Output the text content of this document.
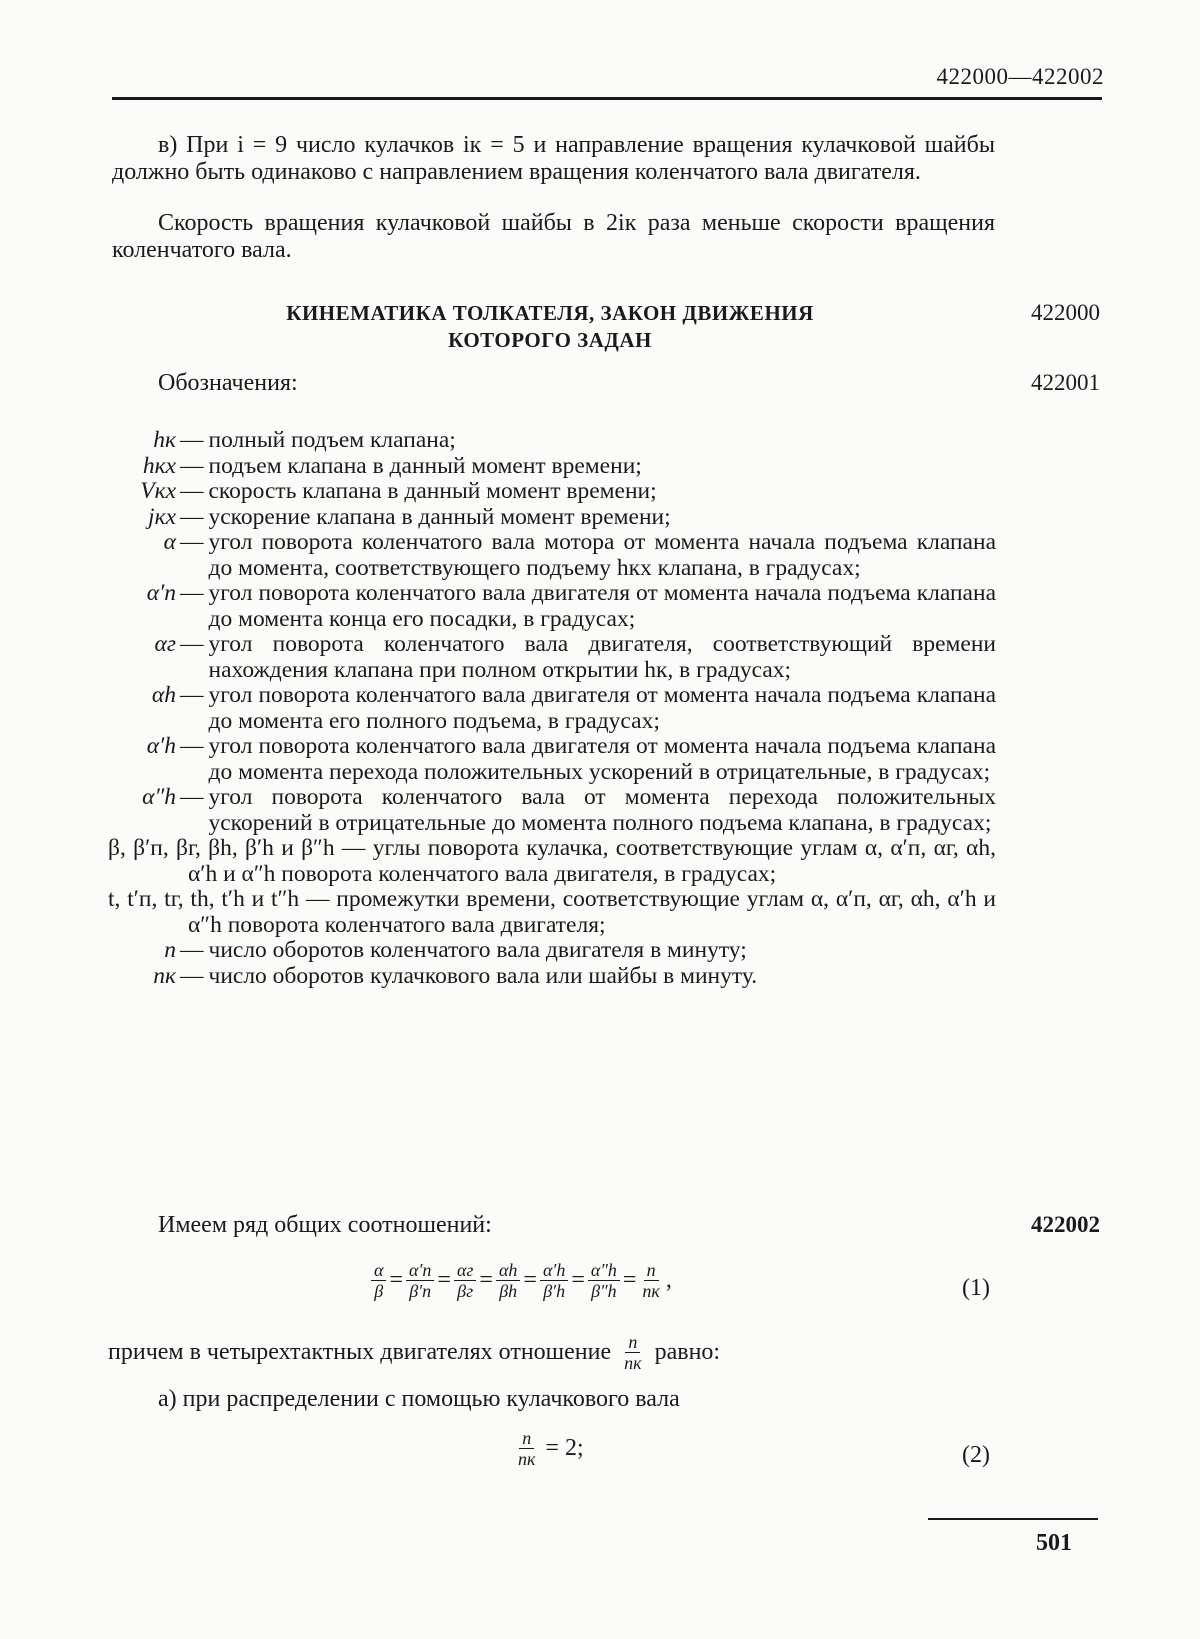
422000—422002
в) При i = 9 число кулачков iк = 5 и направление вращения кулачковой шайбы должно быть одинаково с направлением вращения коленчатого вала двигателя.
Скорость вращения кулачковой шайбы в 2iк раза меньше скорости вращения коленчатого вала.
КИНЕМАТИКА ТОЛКАТЕЛЯ, ЗАКОН ДВИЖЕНИЯ
КОТОРОГО ЗАДАН
422000
Обозначения:	422001
hк — полный подъем клапана;
hкx — подъем клапана в данный момент времени;
Vкx — скорость клапана в данный момент времени;
jкx — ускорение клапана в данный момент времени;
α — угол поворота коленчатого вала мотора от момента начала подъема клапана до момента, соответствующего подъему hкx клапана, в градусах;
α′п — угол поворота коленчатого вала двигателя от момента начала подъема клапана до момента конца его посадки, в градусах;
αг — угол поворота коленчатого вала двигателя, соответствующий времени нахождения клапана при полном открытии hк, в градусах;
αh — угол поворота коленчатого вала двигателя от момента начала подъема клапана до момента его полного подъема, в градусах;
α′h — угол поворота коленчатого вала двигателя от момента начала подъема клапана до момента перехода положительных ускорений в отрицательные, в градусах;
α″h — угол поворота коленчатого вала от момента перехода положительных ускорений в отрицательные до момента полного подъема клапана, в градусах;
β, β′п, βг, βh, β′h и β″h — углы поворота кулачка, соответствующие углам α, α′п, αг, αh, α′h и α″h поворота коленчатого вала двигателя, в градусах;
t, t′п, tг, th, t′h и t″h — промежутки времени, соответствующие углам α, α′п, αг, αh, α′h и α″h поворота коленчатого вала двигателя;
n — число оборотов коленчатого вала двигателя в минуту;
nк — число оборотов кулачкового вала или шайбы в минуту.
Имеем ряд общих соотношений:	422002
$\frac{\alpha}{\beta} = \frac{\alpha'п}{\beta'п} = \frac{\alpha г}{\beta г} = \frac{\alpha h}{\beta h} = \frac{\alpha'h}{\beta'h} = \frac{\alpha''h}{\beta''h} = \frac{n}{nк}$ ,	(1)
причем в четырехтактных двигателях отношение $\frac{n}{nк}$ равно:
а) при распределении с помощью кулачкового вала
$\frac{n}{nк} = 2$;	(2)
501
